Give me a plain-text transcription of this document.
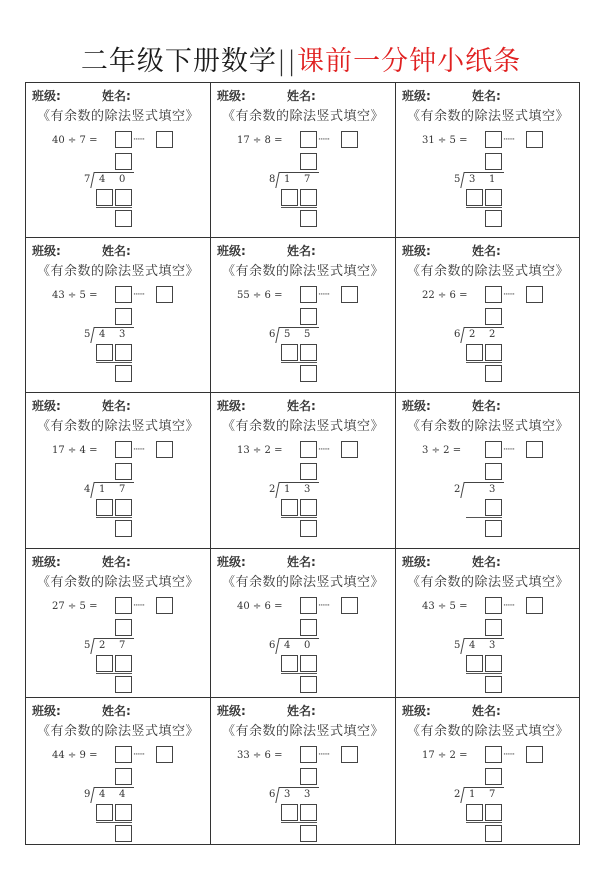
二年级下册数学||课前一分钟小纸条
班级:	姓名:
《有余数的除法竖式填空》
40 ÷ 7 =	······
7 4 0
班级:	姓名:
《有余数的除法竖式填空》
17 ÷ 8 =	······
8 1 7
班级:	姓名:
《有余数的除法竖式填空》
31 ÷ 5 =	······
5 3 1
班级:	姓名:
《有余数的除法竖式填空》
43 ÷ 5 =	······
5 4 3
班级:	姓名:
《有余数的除法竖式填空》
55 ÷ 6 =	······
6 5 5
班级:	姓名:
《有余数的除法竖式填空》
22 ÷ 6 =	······
6 2 2
班级:	姓名:
《有余数的除法竖式填空》
17 ÷ 4 =	······
4 1 7
班级:	姓名:
《有余数的除法竖式填空》
13 ÷ 2 =	······
2 1 3
班级:	姓名:
《有余数的除法竖式填空》
3 ÷ 2 =	······
2	3
班级:	姓名:
《有余数的除法竖式填空》
27 ÷ 5 =	······
5 2 7
班级:	姓名:
《有余数的除法竖式填空》
40 ÷ 6 =	······
6 4 0
班级:	姓名:
《有余数的除法竖式填空》
43 ÷ 5 =	······
5 4 3
班级:	姓名:
《有余数的除法竖式填空》
44 ÷ 9 =	······
9 4 4
班级:	姓名:
《有余数的除法竖式填空》
33 ÷ 6 =	······
6 3 3
班级:	姓名:
《有余数的除法竖式填空》
17 ÷ 2 =	······
2 1 7
